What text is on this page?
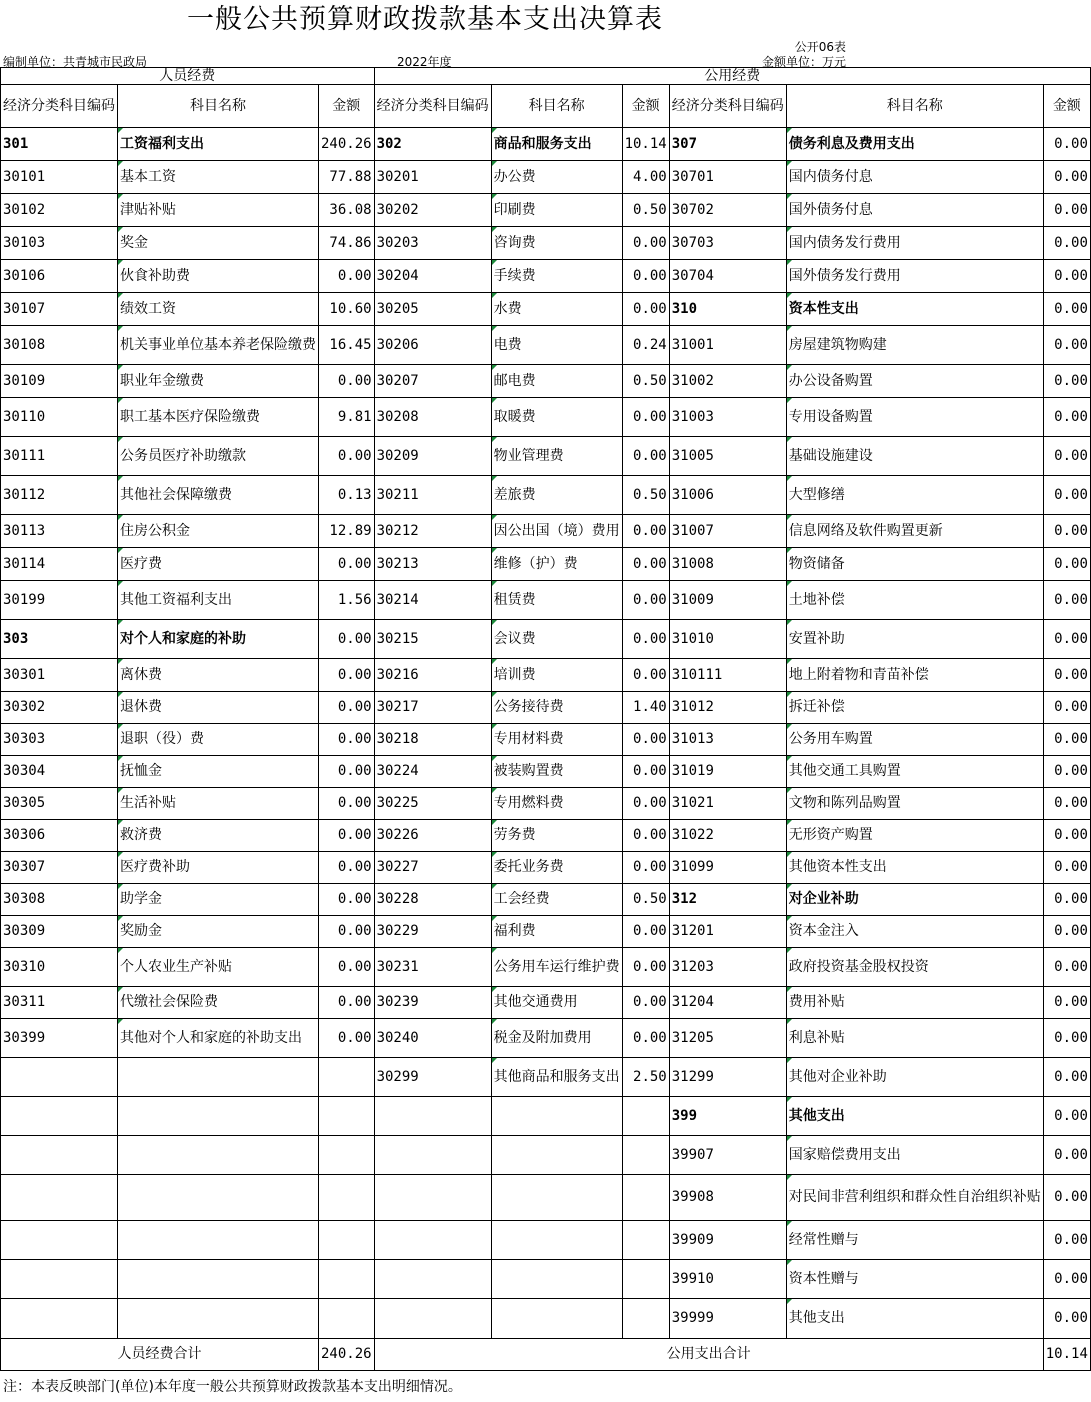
一般公共预算财政拨款基本支出决算表
公开06表
编制单位：共青城市民政局	2022年度	金额单位：万元
人员经费			公用经费					
经济分类科目编码	科目名称	金额	经济分类科目编码	科目名称	金额	经济分类科目编码	科目名称	金额
301	工资福利支出	240.26	302	商品和服务支出	10.14	307	债务利息及费用支出	0.00
30101	基本工资	77.88	30201	办公费	4.00	30701	国内债务付息	0.00
30102	津贴补贴	36.08	30202	印刷费	0.50	30702	国外债务付息	0.00
30103	奖金	74.86	30203	咨询费	0.00	30703	国内债务发行费用	0.00
30106	伙食补助费	0.00	30204	手续费	0.00	30704	国外债务发行费用	0.00
30107	绩效工资	10.60	30205	水费	0.00	310	资本性支出	0.00
30108	机关事业单位基本养老保险缴费	16.45	30206	电费	0.24	31001	房屋建筑物购建	0.00
30109	职业年金缴费	0.00	30207	邮电费	0.50	31002	办公设备购置	0.00
30110	职工基本医疗保险缴费	9.81	30208	取暖费	0.00	31003	专用设备购置	0.00
30111	公务员医疗补助缴款	0.00	30209	物业管理费	0.00	31005	基础设施建设	0.00
30112	其他社会保障缴费	0.13	30211	差旅费	0.50	31006	大型修缮	0.00
30113	住房公积金	12.89	30212	因公出国（境）费用	0.00	31007	信息网络及软件购置更新	0.00
30114	医疗费	0.00	30213	维修（护）费	0.00	31008	物资储备	0.00
30199	其他工资福利支出	1.56	30214	租赁费	0.00	31009	土地补偿	0.00
303	对个人和家庭的补助	0.00	30215	会议费	0.00	31010	安置补助	0.00
30301	离休费	0.00	30216	培训费	0.00	310111	地上附着物和青苗补偿	0.00
30302	退休费	0.00	30217	公务接待费	1.40	31012	拆迁补偿	0.00
30303	退职（役）费	0.00	30218	专用材料费	0.00	31013	公务用车购置	0.00
30304	抚恤金	0.00	30224	被装购置费	0.00	31019	其他交通工具购置	0.00
30305	生活补贴	0.00	30225	专用燃料费	0.00	31021	文物和陈列品购置	0.00
30306	救济费	0.00	30226	劳务费	0.00	31022	无形资产购置	0.00
30307	医疗费补助	0.00	30227	委托业务费	0.00	31099	其他资本性支出	0.00
30308	助学金	0.00	30228	工会经费	0.50	312	对企业补助	0.00
30309	奖励金	0.00	30229	福利费	0.00	31201	资本金注入	0.00
30310	个人农业生产补贴	0.00	30231	公务用车运行维护费	0.00	31203	政府投资基金股权投资	0.00
30311	代缴社会保险费	0.00	30239	其他交通费用	0.00	31204	费用补贴	0.00
30399	其他对个人和家庭的补助支出	0.00	30240	税金及附加费用	0.00	31205	利息补贴	0.00
			30299	其他商品和服务支出	2.50	31299	其他对企业补助	0.00
						399	其他支出	0.00
						39907	国家赔偿费用支出	0.00
						39908	对民间非营利组织和群众性自治组织补贴	0.00
						39909	经常性赠与	0.00
						39910	资本性赠与	0.00
						39999	其他支出	0.00
人员经费合计		240.26	公用支出合计					10.14
注：本表反映部门(单位)本年度一般公共预算财政拨款基本支出明细情况。
